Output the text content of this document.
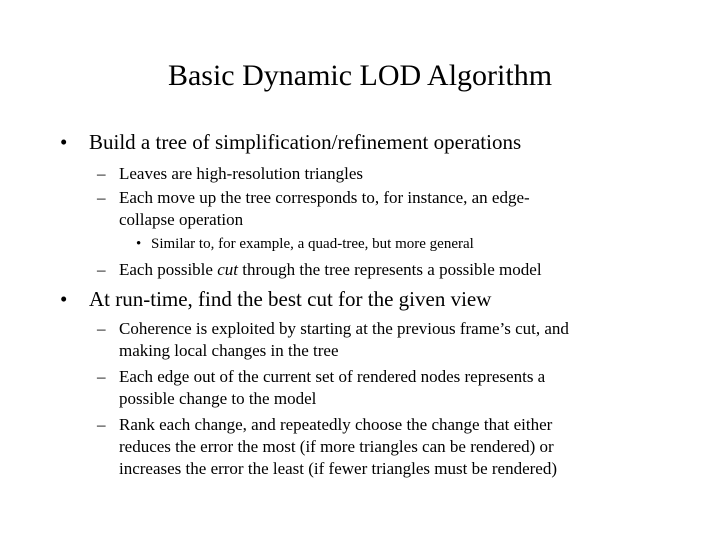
Basic Dynamic LOD Algorithm
• Build a tree of simplification/refinement operations

– Leaves are high-resolution triangles

– Each move up the tree corresponds to, for instance, an edge-

collapse operation

• Similar to, for example, a quad-tree, but more general

– Each possible cut through the tree represents a possible model

• At run-time, find the best cut for the given view

– Coherence is exploited by starting at the previous frame’s cut, and

making local changes in the tree

– Each edge out of the current set of rendered nodes represents a

possible change to the model

– Rank each change, and repeatedly choose the change that either

reduces the error the most (if more triangles can be rendered) or

increases the error the least (if fewer triangles must be rendered)
